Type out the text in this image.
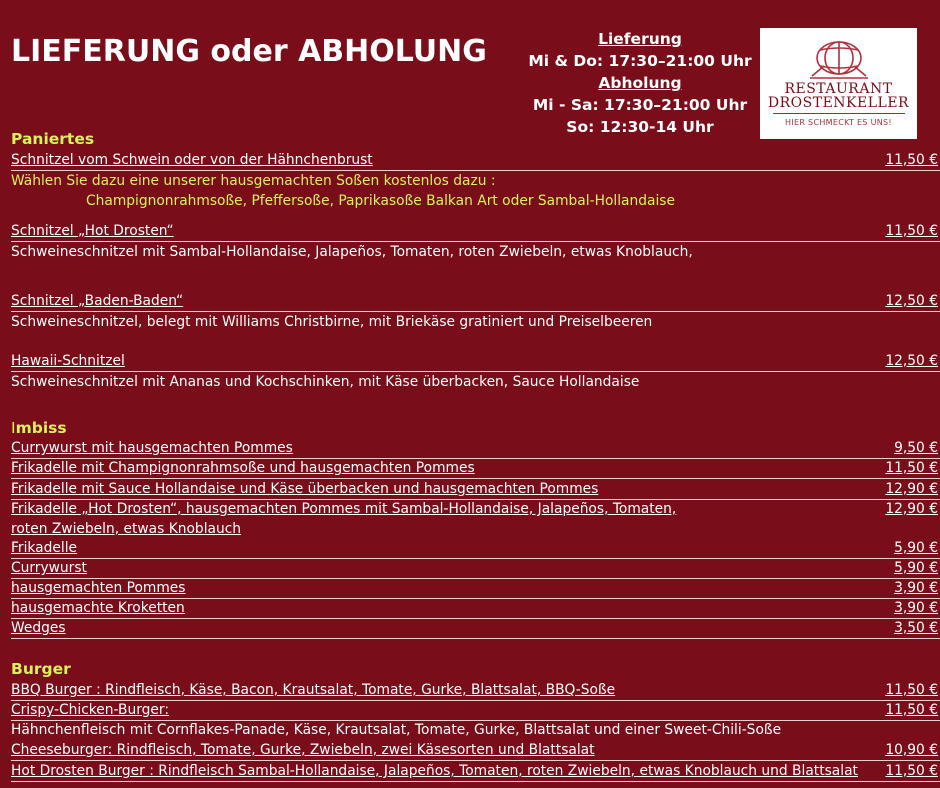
LIEFERUNG oder ABHOLUNG	Lieferung
Mi & Do: 17:30–21:00 Uhr
Abholung
Mi - Sa: 17:30–21:00 Uhr
So: 12:30-14 Uhr
RESTAURANT
DROSTENKELLER
HIER SCHMECKT ES UNS!
Paniertes
Schnitzel vom Schwein oder von der Hähnchenbrust	11,50 €
Wählen Sie dazu eine unserer hausgemachten Soßen kostenlos dazu :
Champignonrahmsoße, Pfeffersoße, Paprikasoße Balkan Art oder Sambal-Hollandaise
Schnitzel „Hot Drosten“	11,50 €
Schweineschnitzel mit Sambal-Hollandaise, Jalapeños, Tomaten, roten Zwiebeln, etwas Knoblauch,
Schnitzel „Baden-Baden“	12,50 €
Schweineschnitzel, belegt mit Williams Christbirne, mit Briekäse gratiniert und Preiselbeeren
Hawaii-Schnitzel	12,50 €
Schweineschnitzel mit Ananas und Kochschinken, mit Käse überbacken, Sauce Hollandaise
Imbiss
Currywurst mit hausgemachten Pommes	9,50 €
Frikadelle mit Champignonrahmsoße und hausgemachten Pommes	11,50 €
Frikadelle mit Sauce Hollandaise und Käse überbacken und hausgemachten Pommes	12,90 €
Frikadelle „Hot Drosten“, hausgemachten Pommes mit Sambal-Hollandaise, Jalapeños, Tomaten,	12,90 €
roten Zwiebeln, etwas Knoblauch
Frikadelle	5,90 €
Currywurst	5,90 €
hausgemachten Pommes	3,90 €
hausgemachte Kroketten	3,90 €
Wedges	3,50 €
Burger
BBQ Burger : Rindfleisch, Käse, Bacon, Krautsalat, Tomate, Gurke, Blattsalat, BBQ-Soße	11,50 €
Crispy-Chicken-Burger:	11,50 €
Hähnchenfleisch mit Cornflakes-Panade, Käse, Krautsalat, Tomate, Gurke, Blattsalat und einer Sweet-Chili-Soße
Cheeseburger: Rindfleisch, Tomate, Gurke, Zwiebeln, zwei Käsesorten und Blattsalat	10,90 €
Hot Drosten Burger : Rindfleisch Sambal-Hollandaise, Jalapeños, Tomaten, roten Zwiebeln, etwas Knoblauch und Blattsalat 11,50 €
